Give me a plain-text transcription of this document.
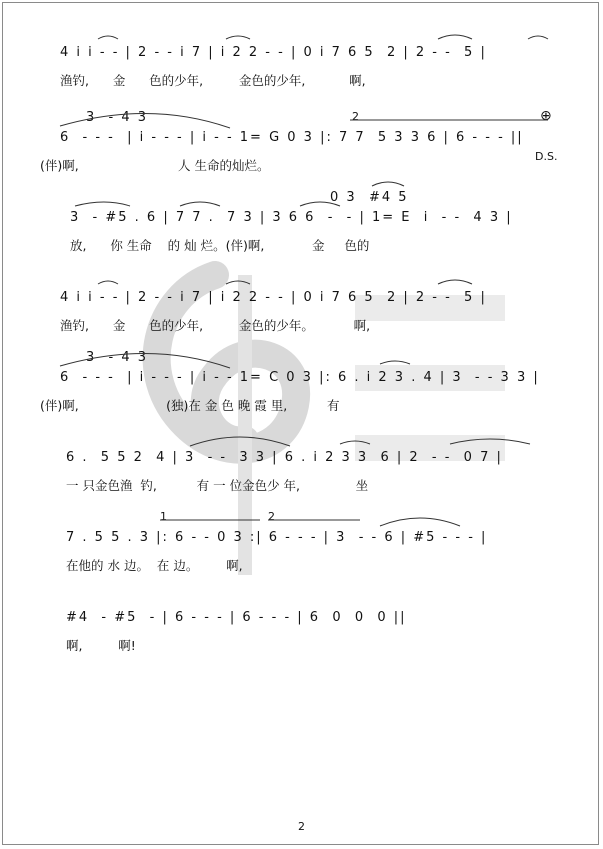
4 i i - - | 2 - - i 7 | i 2 2 - - | 0 i 7 6 5  2 | 2 - -  5 |
渔钓,      金      色的少年,         金色的少年,           啊,
3  - 4 3
6  - - -  | i - - - | i - - 1= G 0 3 |: 7 7  5 3 3 6 | 6 - - - ||
(伴)啊,                         人 生命的灿烂。
2	⊕
D.S.
0 3  #4 5
3  - #5 . 6 | 7 7 .  7 3 | 3 6 6  -  - | 1= E  i  - -  4 3 |
放,      你 生命    的 灿 烂。(伴)啊,            金     色的
4 i i - - | 2 - - i 7 | i 2 2 - - | 0 i 7 6 5  2 | 2 - -  5 |
渔钓,      金      色的少年,         金色的少年。          啊,
3  - 4 3
6  - - -  | i - - - | i - - 1= C 0 3 |: 6 . i 2 3 . 4 | 3  - - 3 3 |
(伴)啊,                      (独)在 金 色 晚 霞 里,          有
6 .  5 5 2  4 | 3  - -  3 3 | 6 . i 2 3 3  6 | 2  - -  0 7 |
一 只金色渔  钓,          有 一 位金色少 年,              坐
7 . 5 5 . 3 |: 6 - - 0 3 :| 6 - - - | 3  - - 6 | #5 - - - |
在他的 水 边。  在 边。       啊,
1	2
#4  - #5  - | 6 - - - | 6 - - - | 6  0  0  0 ||
啊,         啊!
2
